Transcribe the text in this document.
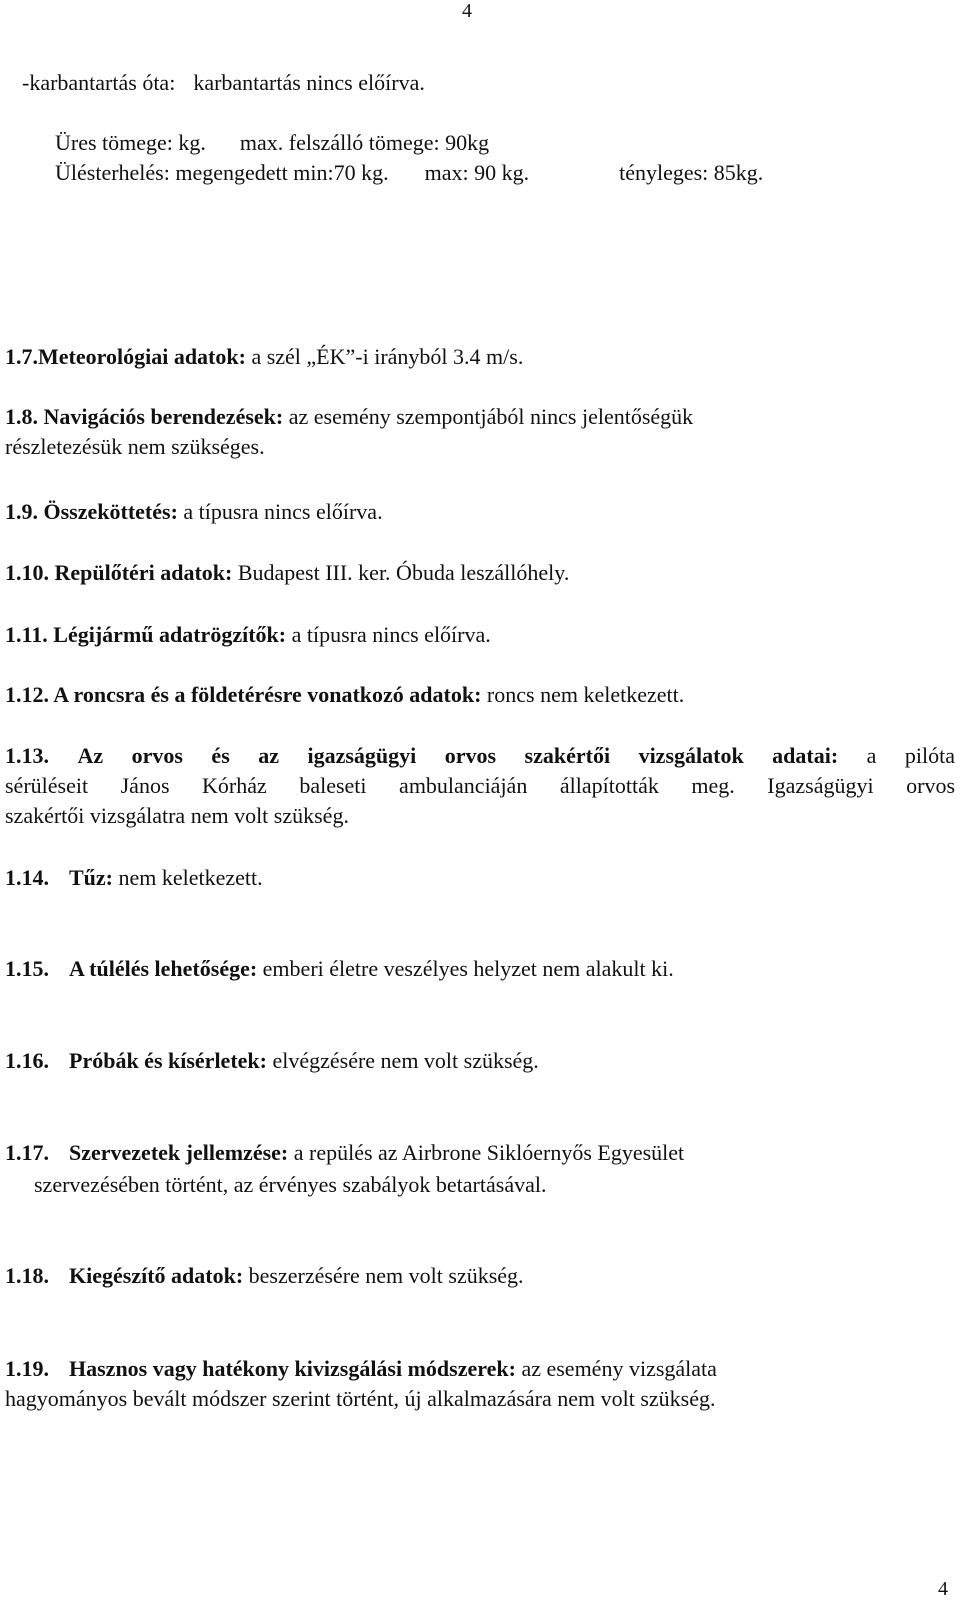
4
-karbantartás óta: karbantartás nincs előírva.
Üres tömege: kg. max. felszálló tömege: 90kg
Ülésterhelés: megengedett min:70 kg. max: 90 kg.	tényleges: 85kg.
1.7.Meteorológiai adatok: a szél „ÉK”-i irányból 3.4 m/s.
1.8. Navigációs berendezések: az esemény szempontjából nincs jelentőségük
részletezésük nem szükséges.
1.9. Összeköttetés: a típusra nincs előírva.
1.10. Repülőtéri adatok: Budapest III. ker. Óbuda leszállóhely.
1.11. Légijármű adatrögzítők: a típusra nincs előírva.
1.12. A roncsra és a földetérésre vonatkozó adatok: roncs nem keletkezett.
1.13. Az orvos és az igazságügyi orvos szakértői vizsgálatok adatai: a pilóta
sérüléseit János Kórház baleseti ambulanciáján állapították meg. Igazságügyi orvos
szakértői vizsgálatra nem volt szükség.
1.14. Tűz: nem keletkezett.
1.15. A túlélés lehetősége: emberi életre veszélyes helyzet nem alakult ki.
1.16. Próbák és kísérletek: elvégzésére nem volt szükség.
1.17. Szervezetek jellemzése: a repülés az Airbrone Siklóernyős Egyesület
szervezésében történt, az érvényes szabályok betartásával.
1.18. Kiegészítő adatok: beszerzésére nem volt szükség.
1.19. Hasznos vagy hatékony kivizsgálási módszerek: az esemény vizsgálata
hagyományos bevált módszer szerint történt, új alkalmazására nem volt szükség.
4
